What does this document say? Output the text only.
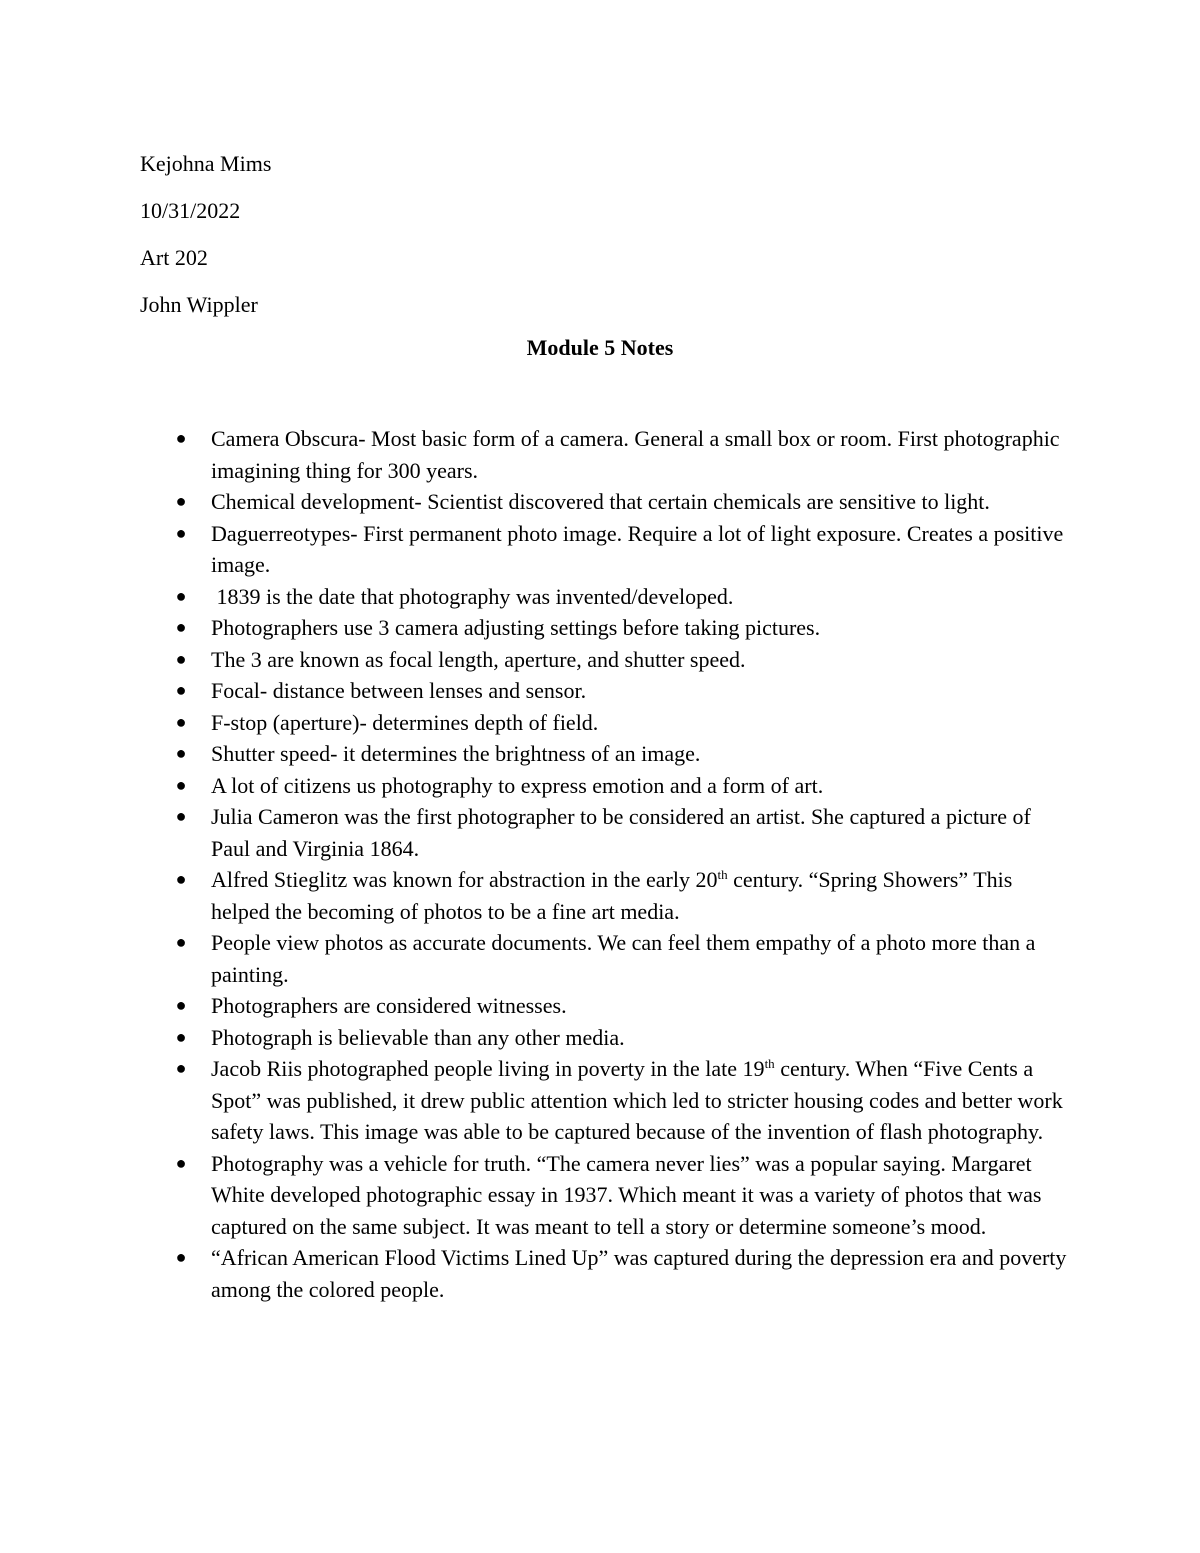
Kejohna Mims
10/31/2022
Art 202
John Wippler
Module 5 Notes
● Camera Obscura- Most basic form of a camera. General a small box or room. First photographic imagining thing for 300 years.
● Chemical development- Scientist discovered that certain chemicals are sensitive to light.
● Daguerreotypes- First permanent photo image. Require a lot of light exposure. Creates a positive image.
● 1839 is the date that photography was invented/developed.
● Photographers use 3 camera adjusting settings before taking pictures.
● The 3 are known as focal length, aperture, and shutter speed.
● Focal- distance between lenses and sensor.
● F-stop (aperture)- determines depth of field.
● Shutter speed- it determines the brightness of an image.
● A lot of citizens us photography to express emotion and a form of art.
● Julia Cameron was the first photographer to be considered an artist. She captured a picture of Paul and Virginia 1864.
● Alfred Stieglitz was known for abstraction in the early 20th century. “Spring Showers” This helped the becoming of photos to be a fine art media.
● People view photos as accurate documents. We can feel them empathy of a photo more than a painting.
● Photographers are considered witnesses.
● Photograph is believable than any other media.
● Jacob Riis photographed people living in poverty in the late 19th century. When “Five Cents a Spot” was published, it drew public attention which led to stricter housing codes and better work safety laws. This image was able to be captured because of the invention of flash photography.
● Photography was a vehicle for truth. “The camera never lies” was a popular saying. Margaret White developed photographic essay in 1937. Which meant it was a variety of photos that was captured on the same subject. It was meant to tell a story or determine someone’s mood.
● “African American Flood Victims Lined Up” was captured during the depression era and poverty among the colored people.
